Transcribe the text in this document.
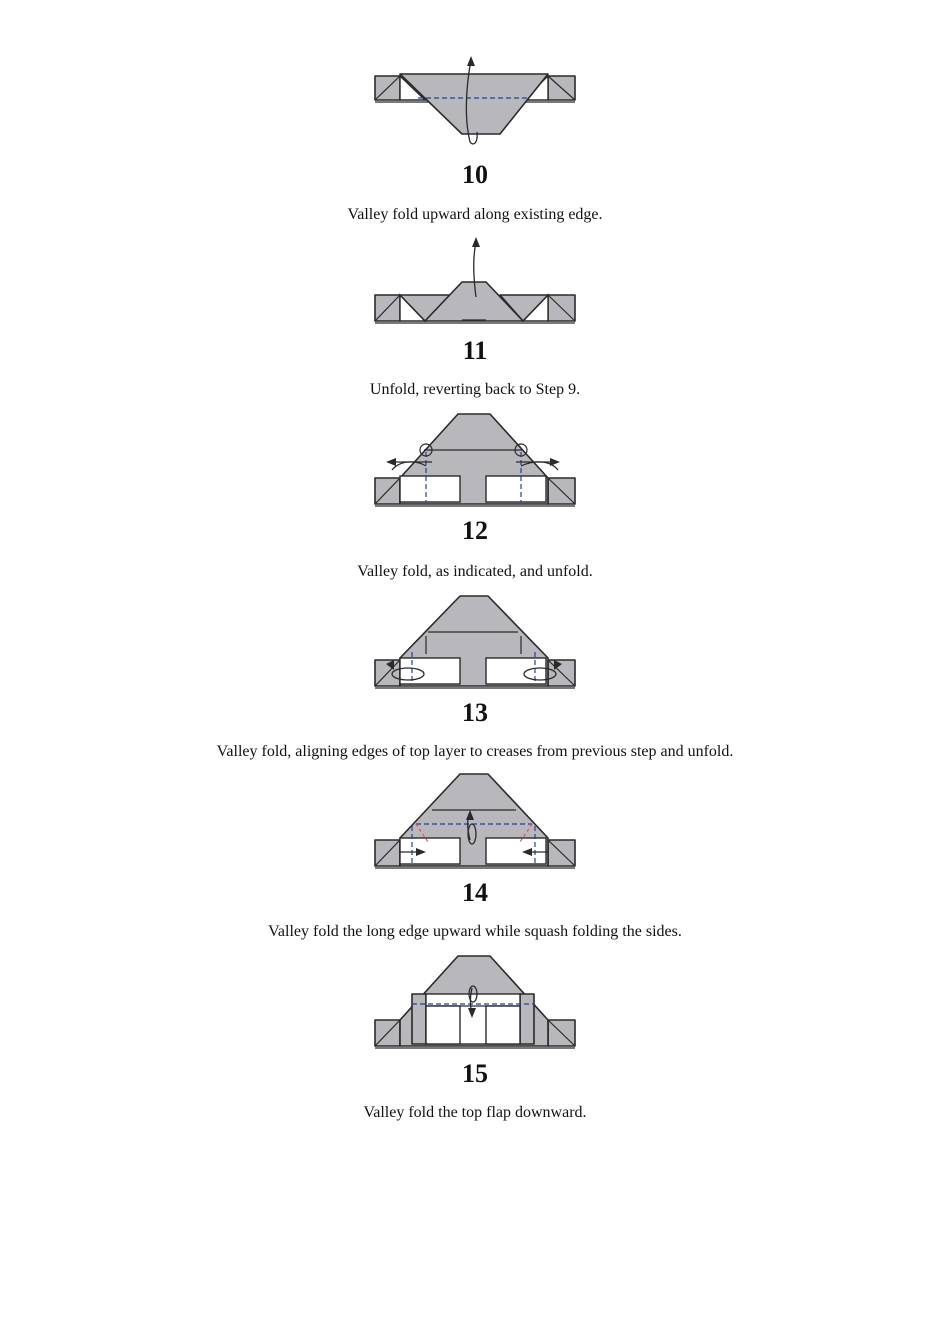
10
Valley fold upward along existing edge.
11
Unfold, reverting back to Step 9.
12
Valley fold, as indicated, and unfold.
13
Valley fold, aligning edges of top layer to creases from previous step and unfold.
14
Valley fold the long edge upward while squash folding the sides.
15
Valley fold the top flap downward.
